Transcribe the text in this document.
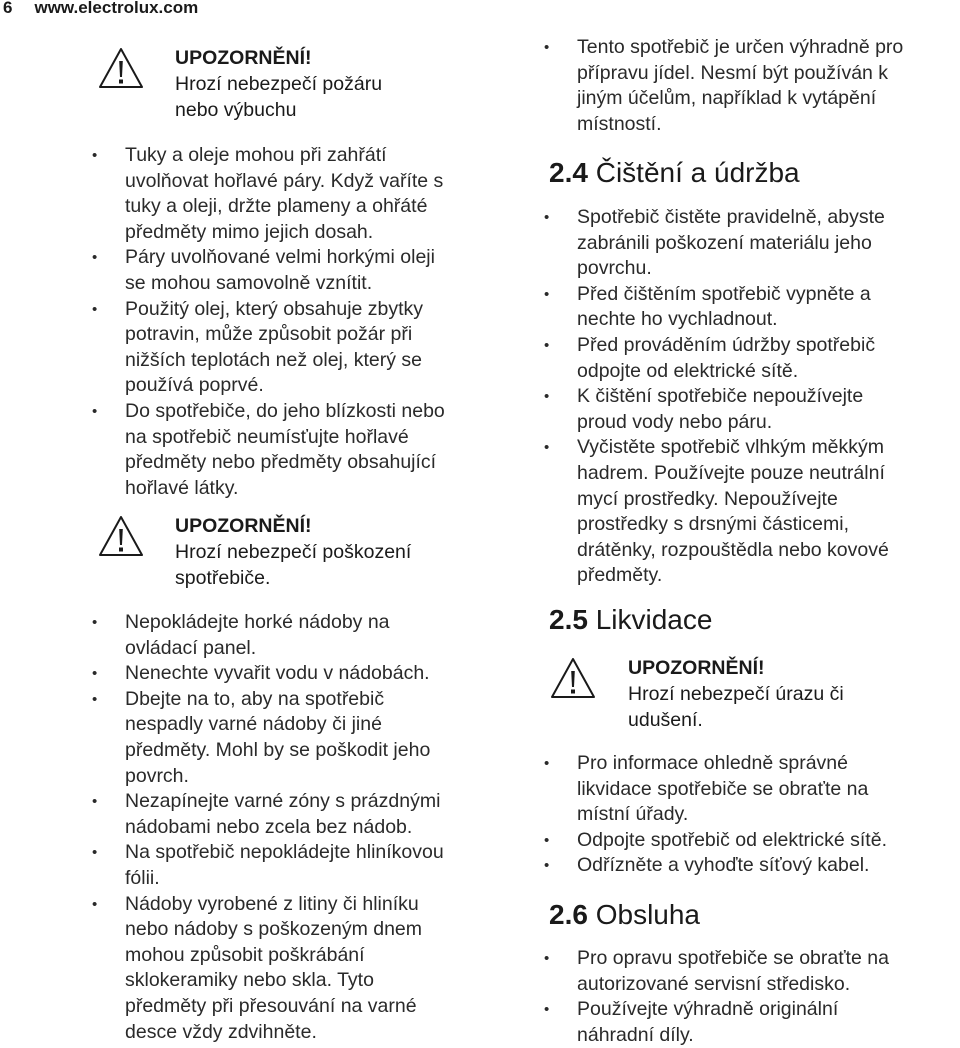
6 www.electrolux.com
UPOZORNĚNÍ!
Hrozí nebezpečí požáru
nebo výbuchu
• Tuky a oleje mohou při zahřátí
uvolňovat hořlavé páry. Když vaříte s
tuky a oleji, držte plameny a ohřáté
předměty mimo jejich dosah.
• Páry uvolňované velmi horkými oleji
se mohou samovolně vznítit.
• Použitý olej, který obsahuje zbytky
potravin, může způsobit požár při
nižších teplotách než olej, který se
používá poprvé.
• Do spotřebiče, do jeho blízkosti nebo
na spotřebič neumísťujte hořlavé
předměty nebo předměty obsahující
hořlavé látky.
UPOZORNĚNÍ!
Hrozí nebezpečí poškození
spotřebiče.
• Nepokládejte horké nádoby na
ovládací panel.
• Nenechte vyvařit vodu v nádobách.
• Dbejte na to, aby na spotřebič
nespadly varné nádoby či jiné
předměty. Mohl by se poškodit jeho
povrch.
• Nezapínejte varné zóny s prázdnými
nádobami nebo zcela bez nádob.
• Na spotřebič nepokládejte hliníkovou
fólii.
• Nádoby vyrobené z litiny či hliníku
nebo nádoby s poškozeným dnem
mohou způsobit poškrábání
sklokeramiky nebo skla. Tyto
předměty při přesouvání na varné
desce vždy zdvihněte.
• Tento spotřebič je určen výhradně pro
přípravu jídel. Nesmí být používán k
jiným účelům, například k vytápění
místností.
2.4 Čištění a údržba
• Spotřebič čistěte pravidelně, abyste
zabránili poškození materiálu jeho
povrchu.
• Před čištěním spotřebič vypněte a
nechte ho vychladnout.
• Před prováděním údržby spotřebič
odpojte od elektrické sítě.
• K čištění spotřebiče nepoužívejte
proud vody nebo páru.
• Vyčistěte spotřebič vlhkým měkkým
hadrem. Používejte pouze neutrální
mycí prostředky. Nepoužívejte
prostředky s drsnými částicemi,
drátěnky, rozpouštědla nebo kovové
předměty.
2.5 Likvidace
UPOZORNĚNÍ!
Hrozí nebezpečí úrazu či
udušení.
• Pro informace ohledně správné
likvidace spotřebiče se obraťte na
místní úřady.
• Odpojte spotřebič od elektrické sítě.
• Odřízněte a vyhoďte síťový kabel.
2.6 Obsluha
• Pro opravu spotřebiče se obraťte na
autorizované servisní středisko.
• Používejte výhradně originální
náhradní díly.
